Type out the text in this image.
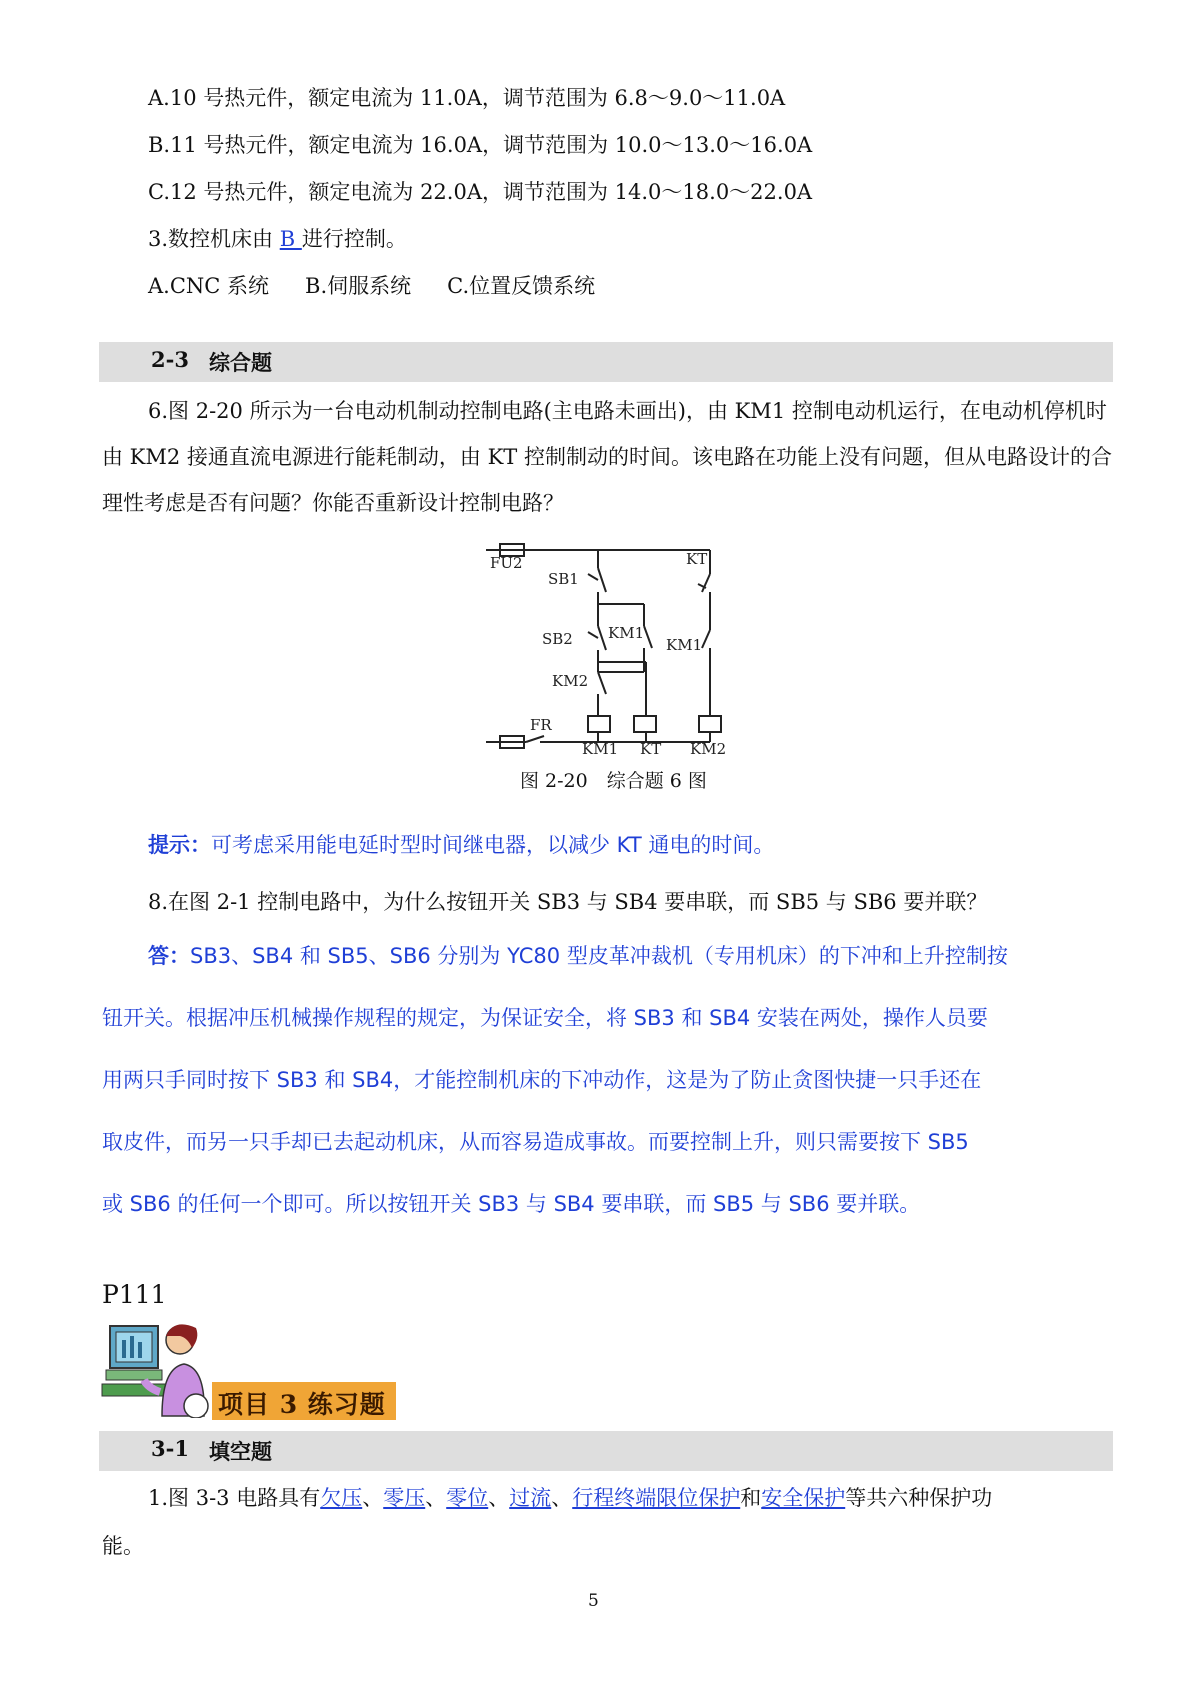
A.10 号热元件，额定电流为 11.0A，调节范围为 6.8～9.0～11.0A
B.11 号热元件，额定电流为 16.0A，调节范围为 10.0～13.0～16.0A
C.12 号热元件，额定电流为 22.0A，调节范围为 14.0～18.0～22.0A
3.数控机床由 B 进行控制。
A.CNC 系统 B.伺服系统 C.位置反馈系统
2-3 综合题
6.图 2-20 所示为一台电动机制动控制电路(主电路未画出)，由 KM1 控制电动机运行，在电动机停机时由 KM2 接通直流电源进行能耗制动，由 KT 控制制动的时间。该电路在功能上没有问题，但从电路设计的合理性考虑是否有问题？你能否重新设计控制电路？
FU2
SB1
KT
SB2 KM1
KM1
KM2
FR
KM1 KT KM2
图 2-20　综合题 6 图
提示：可考虑采用能电延时型时间继电器，以减少 KT 通电的时间。
8.在图 2-1 控制电路中，为什么按钮开关 SB3 与 SB4 要串联，而 SB5 与 SB6 要并联？
答：SB3、SB4 和 SB5、SB6 分别为 YC80 型皮革冲裁机（专用机床）的下冲和上升控制按
钮开关。根据冲压机械操作规程的规定，为保证安全，将 SB3 和 SB4 安装在两处，操作人员要
用两只手同时按下 SB3 和 SB4，才能控制机床的下冲动作，这是为了防止贪图快捷一只手还在
取皮件，而另一只手却已去起动机床，从而容易造成事故。而要控制上升，则只需要按下 SB5
或 SB6 的任何一个即可。所以按钮开关 SB3 与 SB4 要串联，而 SB5 与 SB6 要并联。
P111
项目 3 练习题
3-1 填空题
1.图 3-3 电路具有欠压、零压、零位、过流、行程终端限位保护和安全保护等共六种保护功
能。
5
